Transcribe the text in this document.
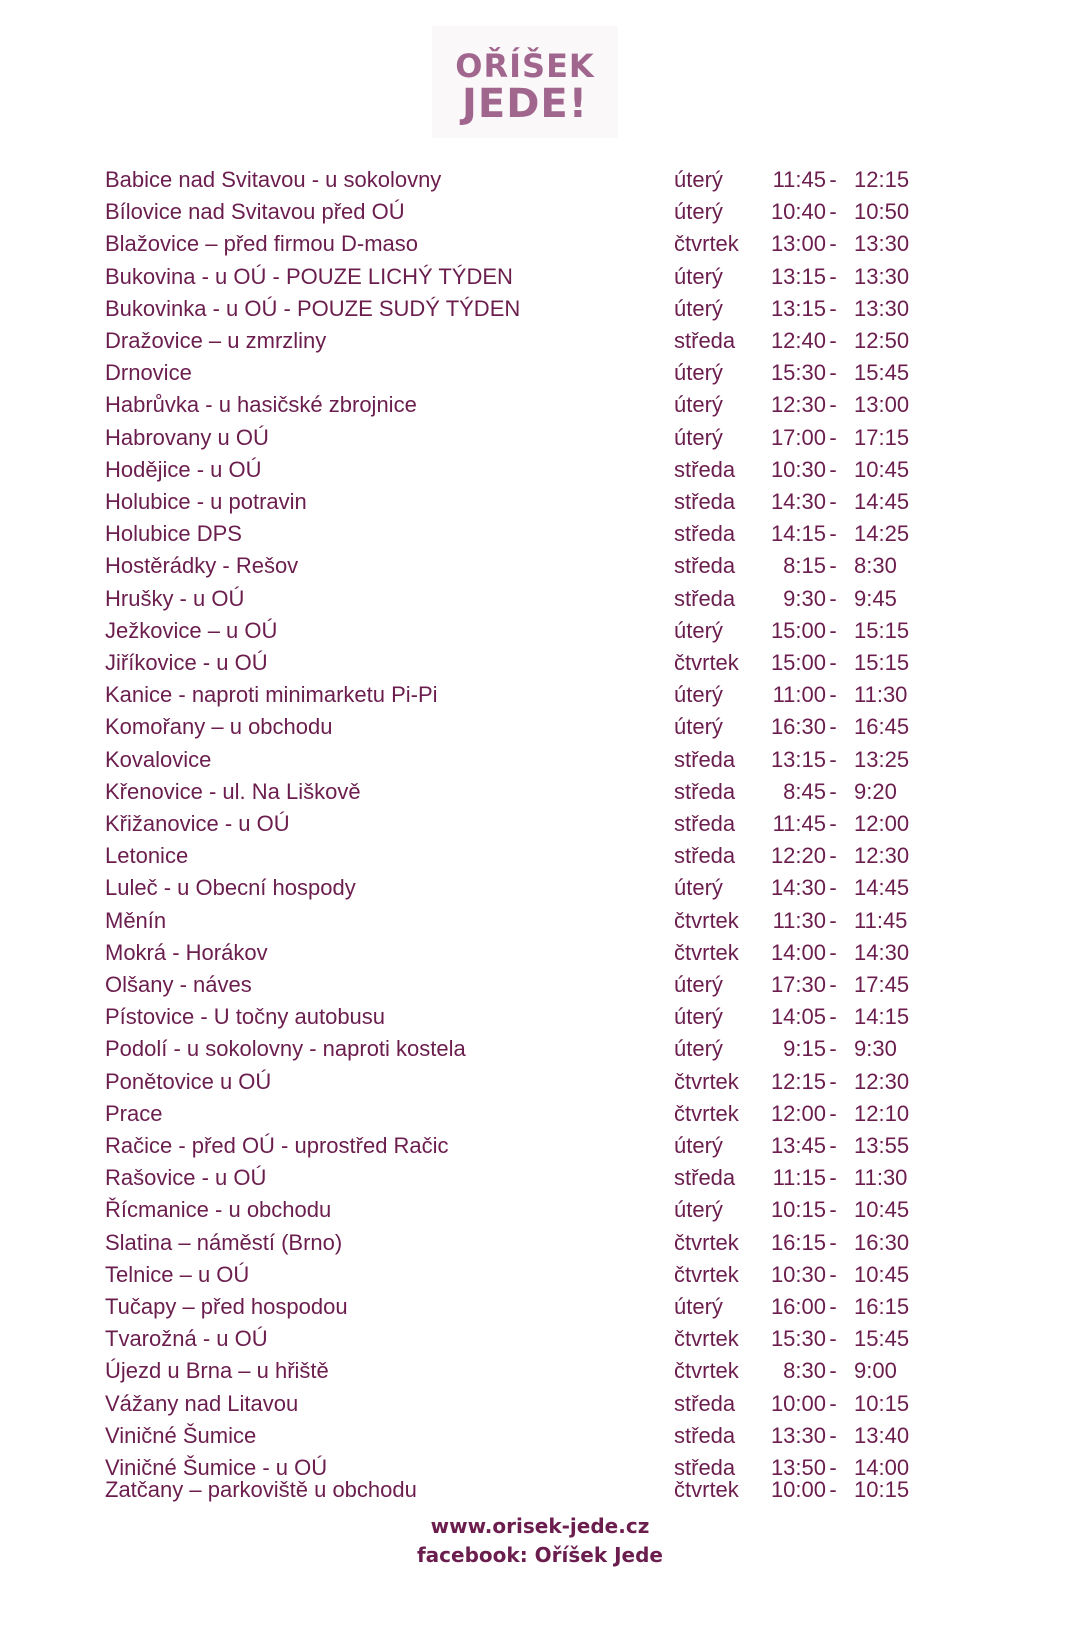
OŘÍŠEK
JEDE!
Babice nad Svitavou - u sokolovny	úterý	11:45 - 12:15
Bílovice nad Svitavou před OÚ	úterý	10:40 - 10:50
Blažovice – před firmou D-maso	čtvrtek	13:00 - 13:30
Bukovina - u OÚ - POUZE LICHÝ TÝDEN	úterý	13:15 - 13:30
Bukovinka - u OÚ - POUZE SUDÝ TÝDEN	úterý	13:15 - 13:30
Dražovice – u zmrzliny	středa	12:40 - 12:50
Drnovice	úterý	15:30 - 15:45
Habrůvka - u hasičské zbrojnice	úterý	12:30 - 13:00
Habrovany u OÚ	úterý	17:00 - 17:15
Hodějice - u OÚ	středa	10:30 - 10:45
Holubice - u potravin	středa	14:30 - 14:45
Holubice DPS	středa	14:15 - 14:25
Hostěrádky - Rešov	středa	8:15 - 8:30
Hrušky - u OÚ	středa	9:30 - 9:45
Ježkovice – u OÚ	úterý	15:00 - 15:15
Jiříkovice - u OÚ	čtvrtek	15:00 - 15:15
Kanice - naproti minimarketu Pi-Pi	úterý	11:00 - 11:30
Komořany – u obchodu	úterý	16:30 - 16:45
Kovalovice	středa	13:15 - 13:25
Křenovice - ul. Na Liškově	středa	8:45 - 9:20
Křižanovice - u OÚ	středa	11:45 - 12:00
Letonice	středa	12:20 - 12:30
Luleč - u Obecní hospody	úterý	14:30 - 14:45
Měnín	čtvrtek	11:30 - 11:45
Mokrá - Horákov	čtvrtek	14:00 - 14:30
Olšany - náves	úterý	17:30 - 17:45
Pístovice - U točny autobusu	úterý	14:05 - 14:15
Podolí - u sokolovny - naproti kostela	úterý	9:15 - 9:30
Ponětovice u OÚ	čtvrtek	12:15 - 12:30
Prace	čtvrtek	12:00 - 12:10
Račice - před OÚ - uprostřed Račic	úterý	13:45 - 13:55
Rašovice - u OÚ	středa	11:15 - 11:30
Řícmanice - u obchodu	úterý	10:15 - 10:45
Slatina – náměstí (Brno)	čtvrtek	16:15 - 16:30
Telnice – u OÚ	čtvrtek	10:30 - 10:45
Tučapy – před hospodou	úterý	16:00 - 16:15
Tvarožná - u OÚ	čtvrtek	15:30 - 15:45
Újezd u Brna – u hřiště	čtvrtek	8:30 - 9:00
Vážany nad Litavou	středa	10:00 - 10:15
Viničné Šumice	středa	13:30 - 13:40
Viničné Šumice - u OÚ	středa	13:50 - 14:00
Zatčany – parkoviště u obchodu	čtvrtek	10:00 - 10:15
www.orisek-jede.cz
facebook: Oříšek Jede
